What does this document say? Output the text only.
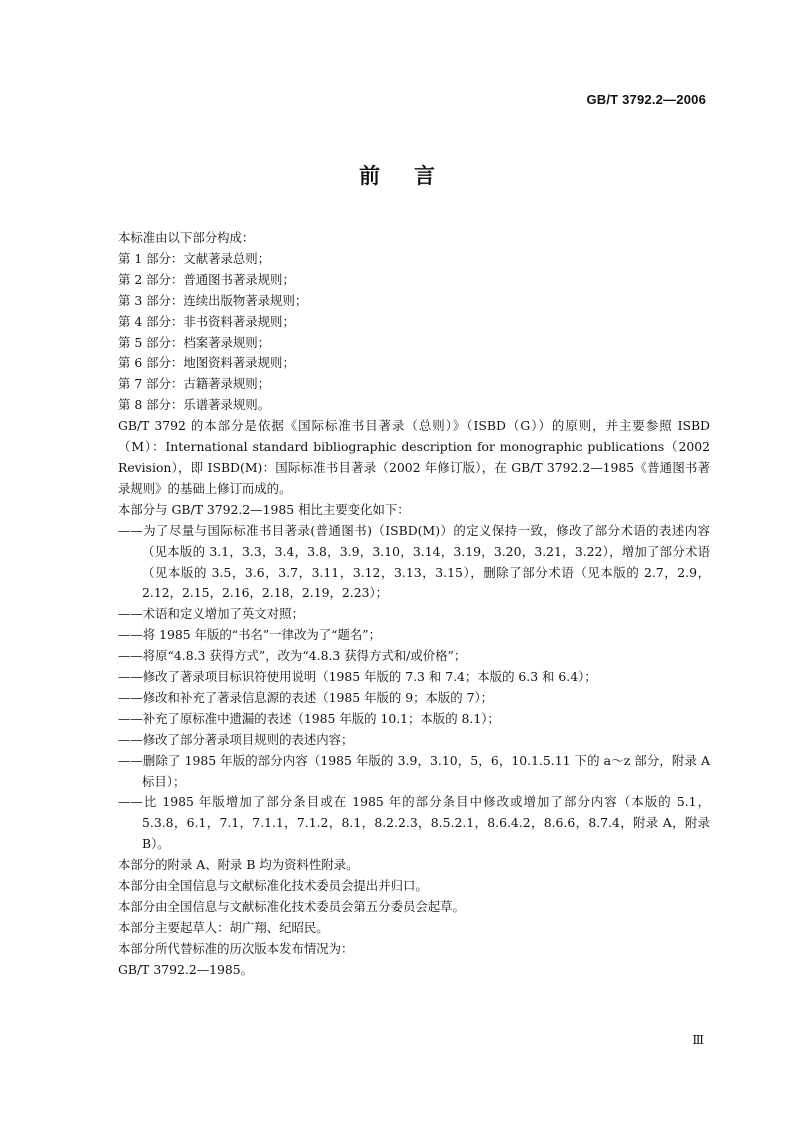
GB/T 3792.2—2006
前言

本标准由以下部分构成：

第 1 部分：文献著录总则；

第 2 部分：普通图书著录规则；

第 3 部分：连续出版物著录规则；

第 4 部分：非书资料著录规则；

第 5 部分：档案著录规则；

第 6 部分：地图资料著录规则；

第 7 部分：古籍著录规则；

第 8 部分：乐谱著录规则。

GB/T 3792 的本部分是依据《国际标准书目著录（总则）》（ISBD（G））的原则，并主要参照 ISBD（M）：International standard bibliographic description for monographic publications（2002 Revision），即 ISBD(M)：国际标准书目著录（2002 年修订版），在 GB/T 3792.2—1985《普通图书著录规则》的基础上修订而成的。

本部分与 GB/T 3792.2—1985 相比主要变化如下：

——为了尽量与国际标准书目著录(普通图书)（ISBD(M)）的定义保持一致，修改了部分术语的表述内容（见本版的 3.1，3.3，3.4，3.8，3.9，3.10，3.14，3.19，3.20，3.21，3.22），增加了部分术语（见本版的 3.5，3.6，3.7，3.11，3.12，3.13，3.15），删除了部分术语（见本版的 2.7，2.9，2.12，2.15，2.16，2.18，2.19，2.23）；

——术语和定义增加了英文对照；

——将 1985 年版的“书名”一律改为了“题名”；

——将原“4.8.3 获得方式”，改为“4.8.3 获得方式和/或价格”；

——修改了著录项目标识符使用说明（1985 年版的 7.3 和 7.4；本版的 6.3 和 6.4）；

——修改和补充了著录信息源的表述（1985 年版的 9；本版的 7）；

——补充了原标准中遗漏的表述（1985 年版的 10.1；本版的 8.1）；

——修改了部分著录项目规则的表述内容；

——删除了 1985 年版的部分内容（1985 年版的 3.9，3.10，5，6，10.1.5.11 下的 a～z 部分，附录 A 标目）；

——比 1985 年版增加了部分条目或在 1985 年的部分条目中修改或增加了部分内容（本版的 5.1，5.3.8，6.1，7.1，7.1.1，7.1.2，8.1，8.2.2.3，8.5.2.1，8.6.4.2，8.6.6，8.7.4，附录 A，附录 B）。

本部分的附录 A、附录 B 均为资料性附录。

本部分由全国信息与文献标准化技术委员会提出并归口。

本部分由全国信息与文献标准化技术委员会第五分委员会起草。

本部分主要起草人：胡广翔、纪昭民。

本部分所代替标准的历次版本发布情况为：

GB/T 3792.2—1985。

Ⅲ
